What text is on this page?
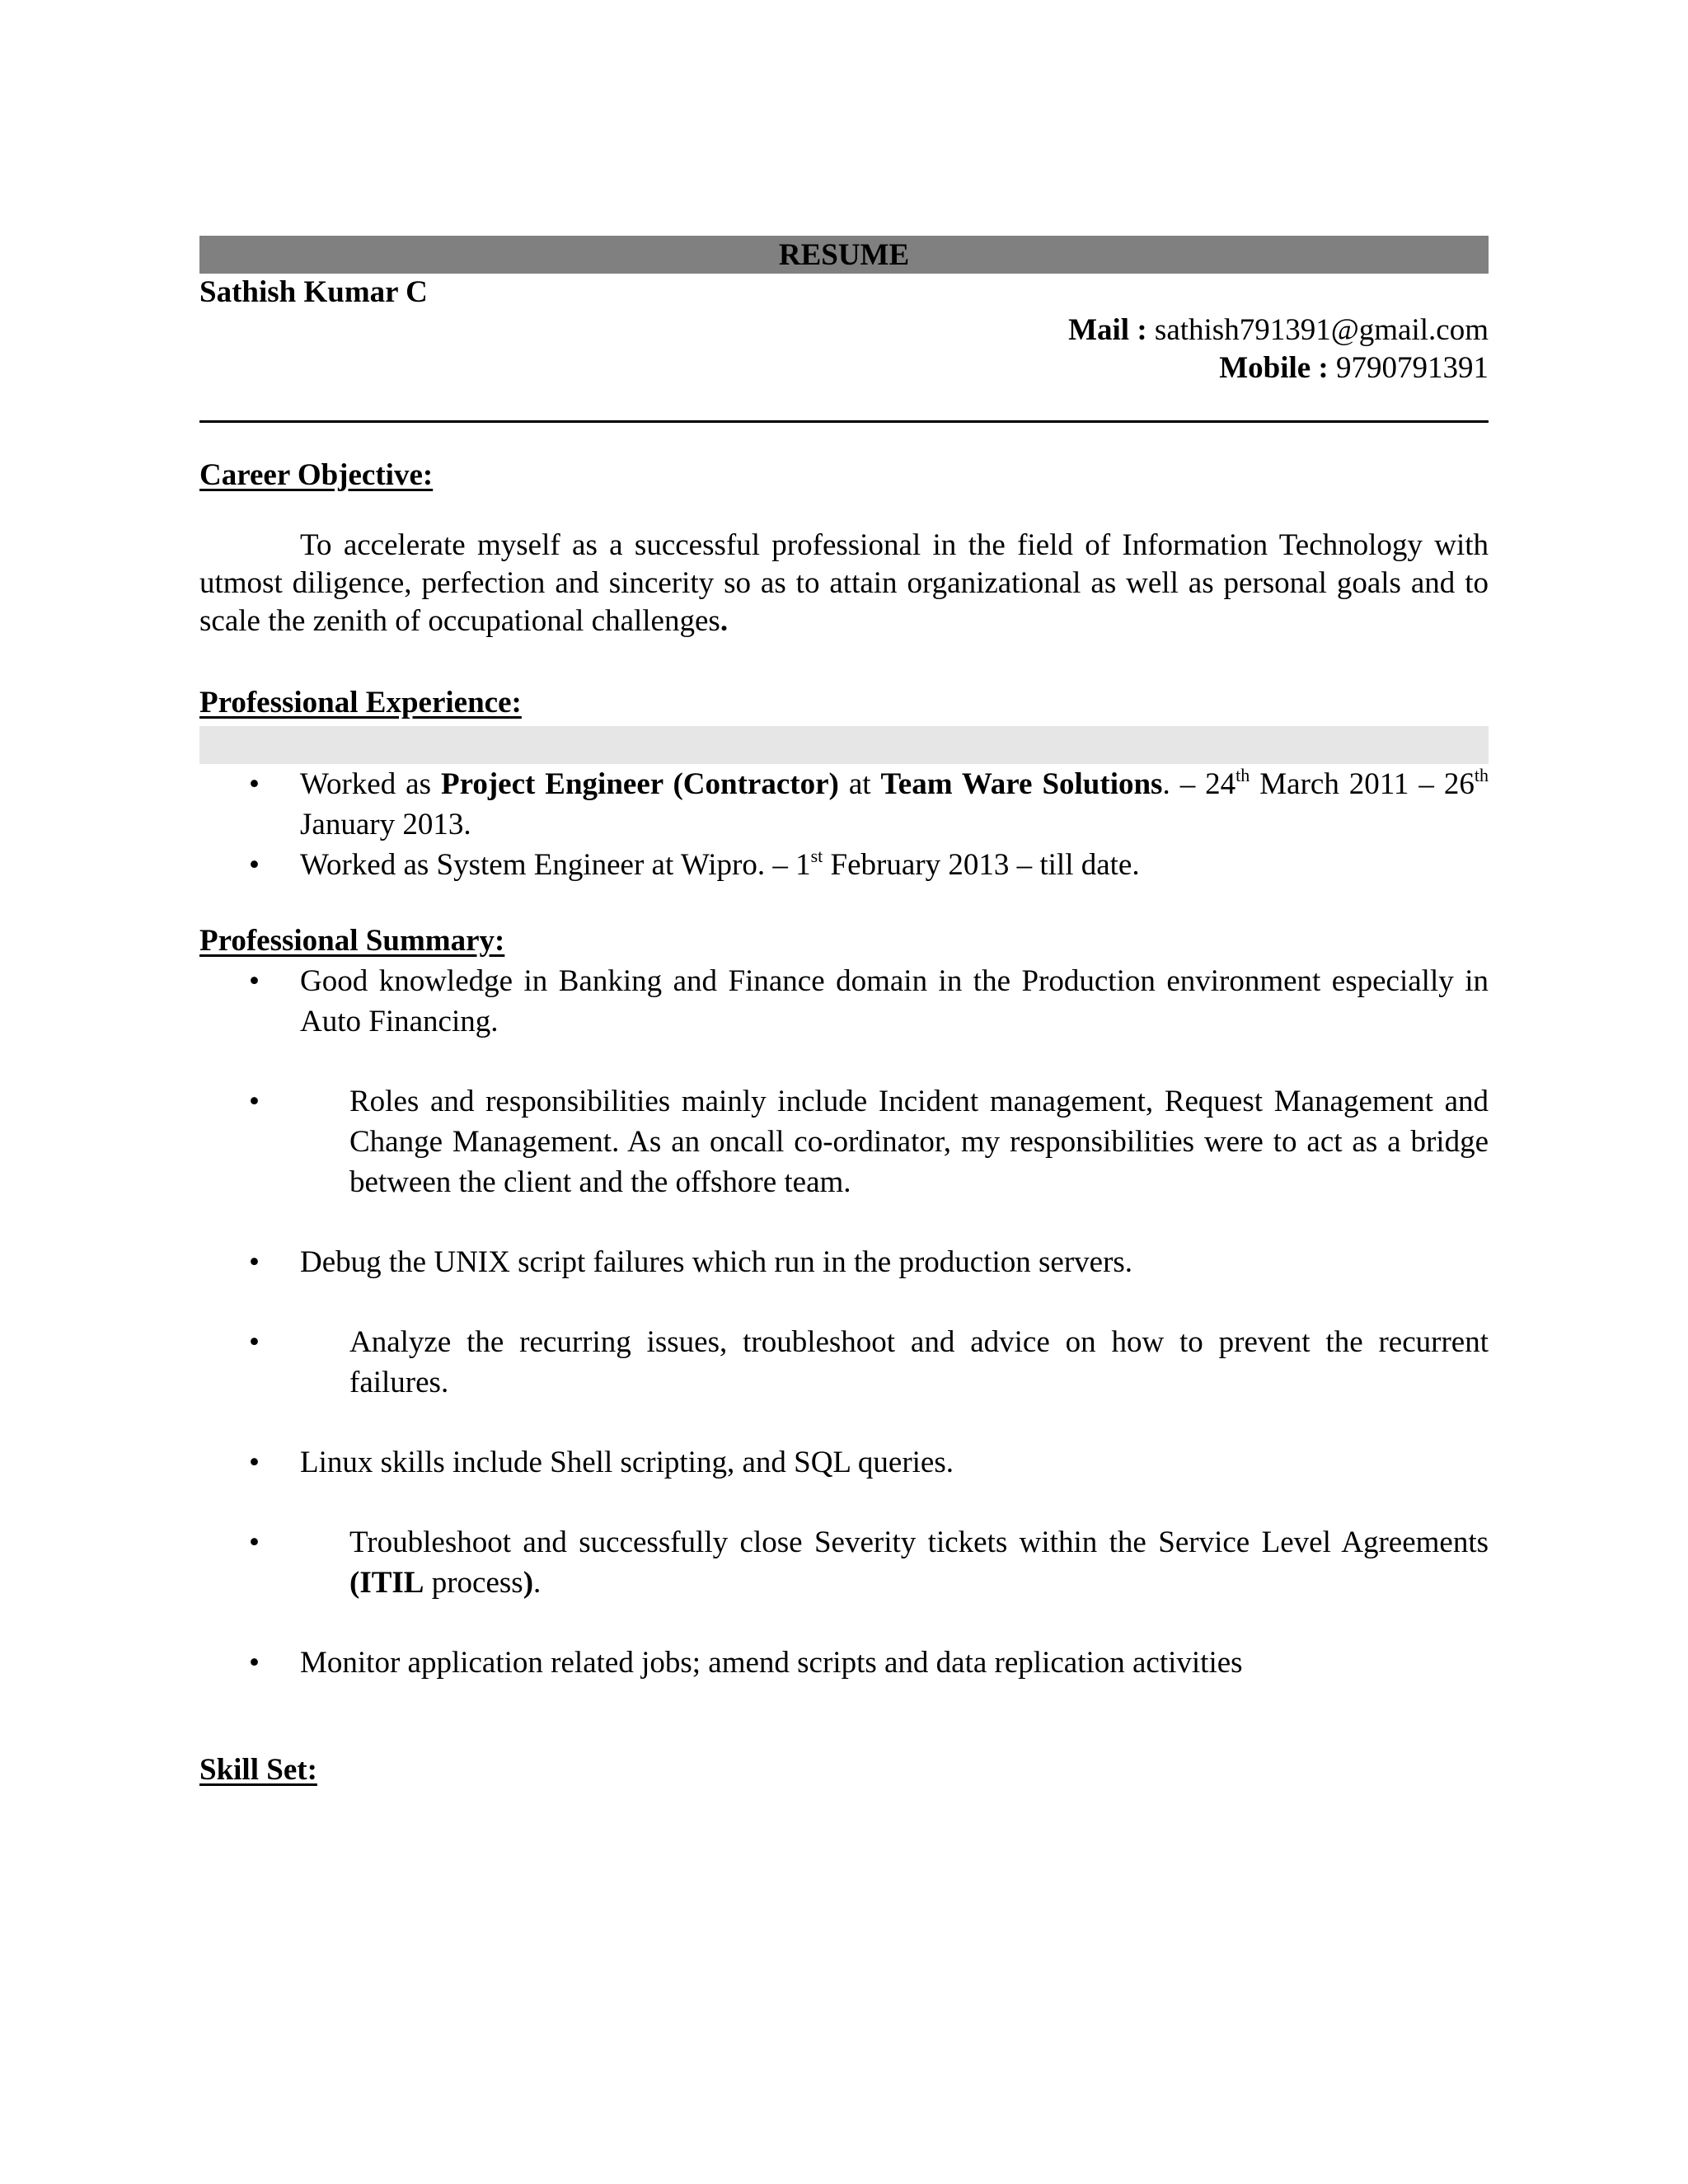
RESUME
Sathish Kumar C
Mail : sathish791391@gmail.com
Mobile : 9790791391
Career Objective:
To accelerate myself as a successful professional in the field of Information Technology with utmost diligence, perfection and sincerity so as to attain organizational as well as personal goals and to scale the zenith of occupational challenges.
Professional Experience:
• Worked as Project Engineer (Contractor) at Team Ware Solutions. – 24th March 2011 – 26th January 2013.
• Worked as System Engineer at Wipro. – 1st February 2013 – till date.
Professional Summary:
• Good knowledge in Banking and Finance domain in the Production environment especially in Auto Financing.
•	Roles and responsibilities mainly include Incident management, Request Management and Change Management. As an oncall co-ordinator, my responsibilities were to act as a bridge between the client and the offshore team.
• Debug the UNIX script failures which run in the production servers.
•	Analyze the recurring issues, troubleshoot and advice on how to prevent the recurrent failures.
• Linux skills include Shell scripting, and SQL queries.
•	Troubleshoot and successfully close Severity tickets within the Service Level Agreements (ITIL process).
• Monitor application related jobs; amend scripts and data replication activities
Skill Set:
